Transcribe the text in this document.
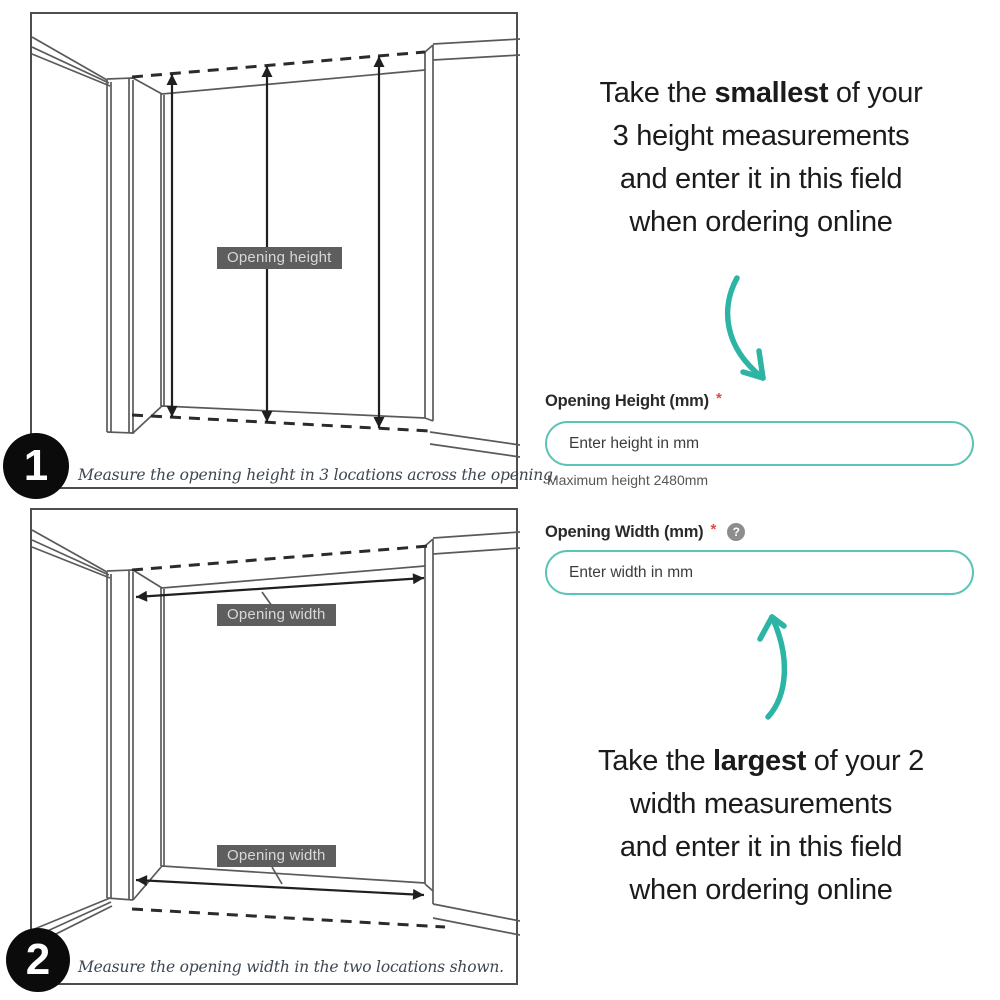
Opening height
Measure the opening height in 3 locations across the opening.
Opening width
Opening width
Measure the opening width in the two locations shown.
1
2
Take the smallest of your
3 height measurements
and enter it in this field
when ordering online
Opening Height (mm) *
Enter height in mm
Maximum height 2480mm
Opening Width (mm) * ?
Enter width in mm
Take the largest of your 2
width measurements
and enter it in this field
when ordering online
